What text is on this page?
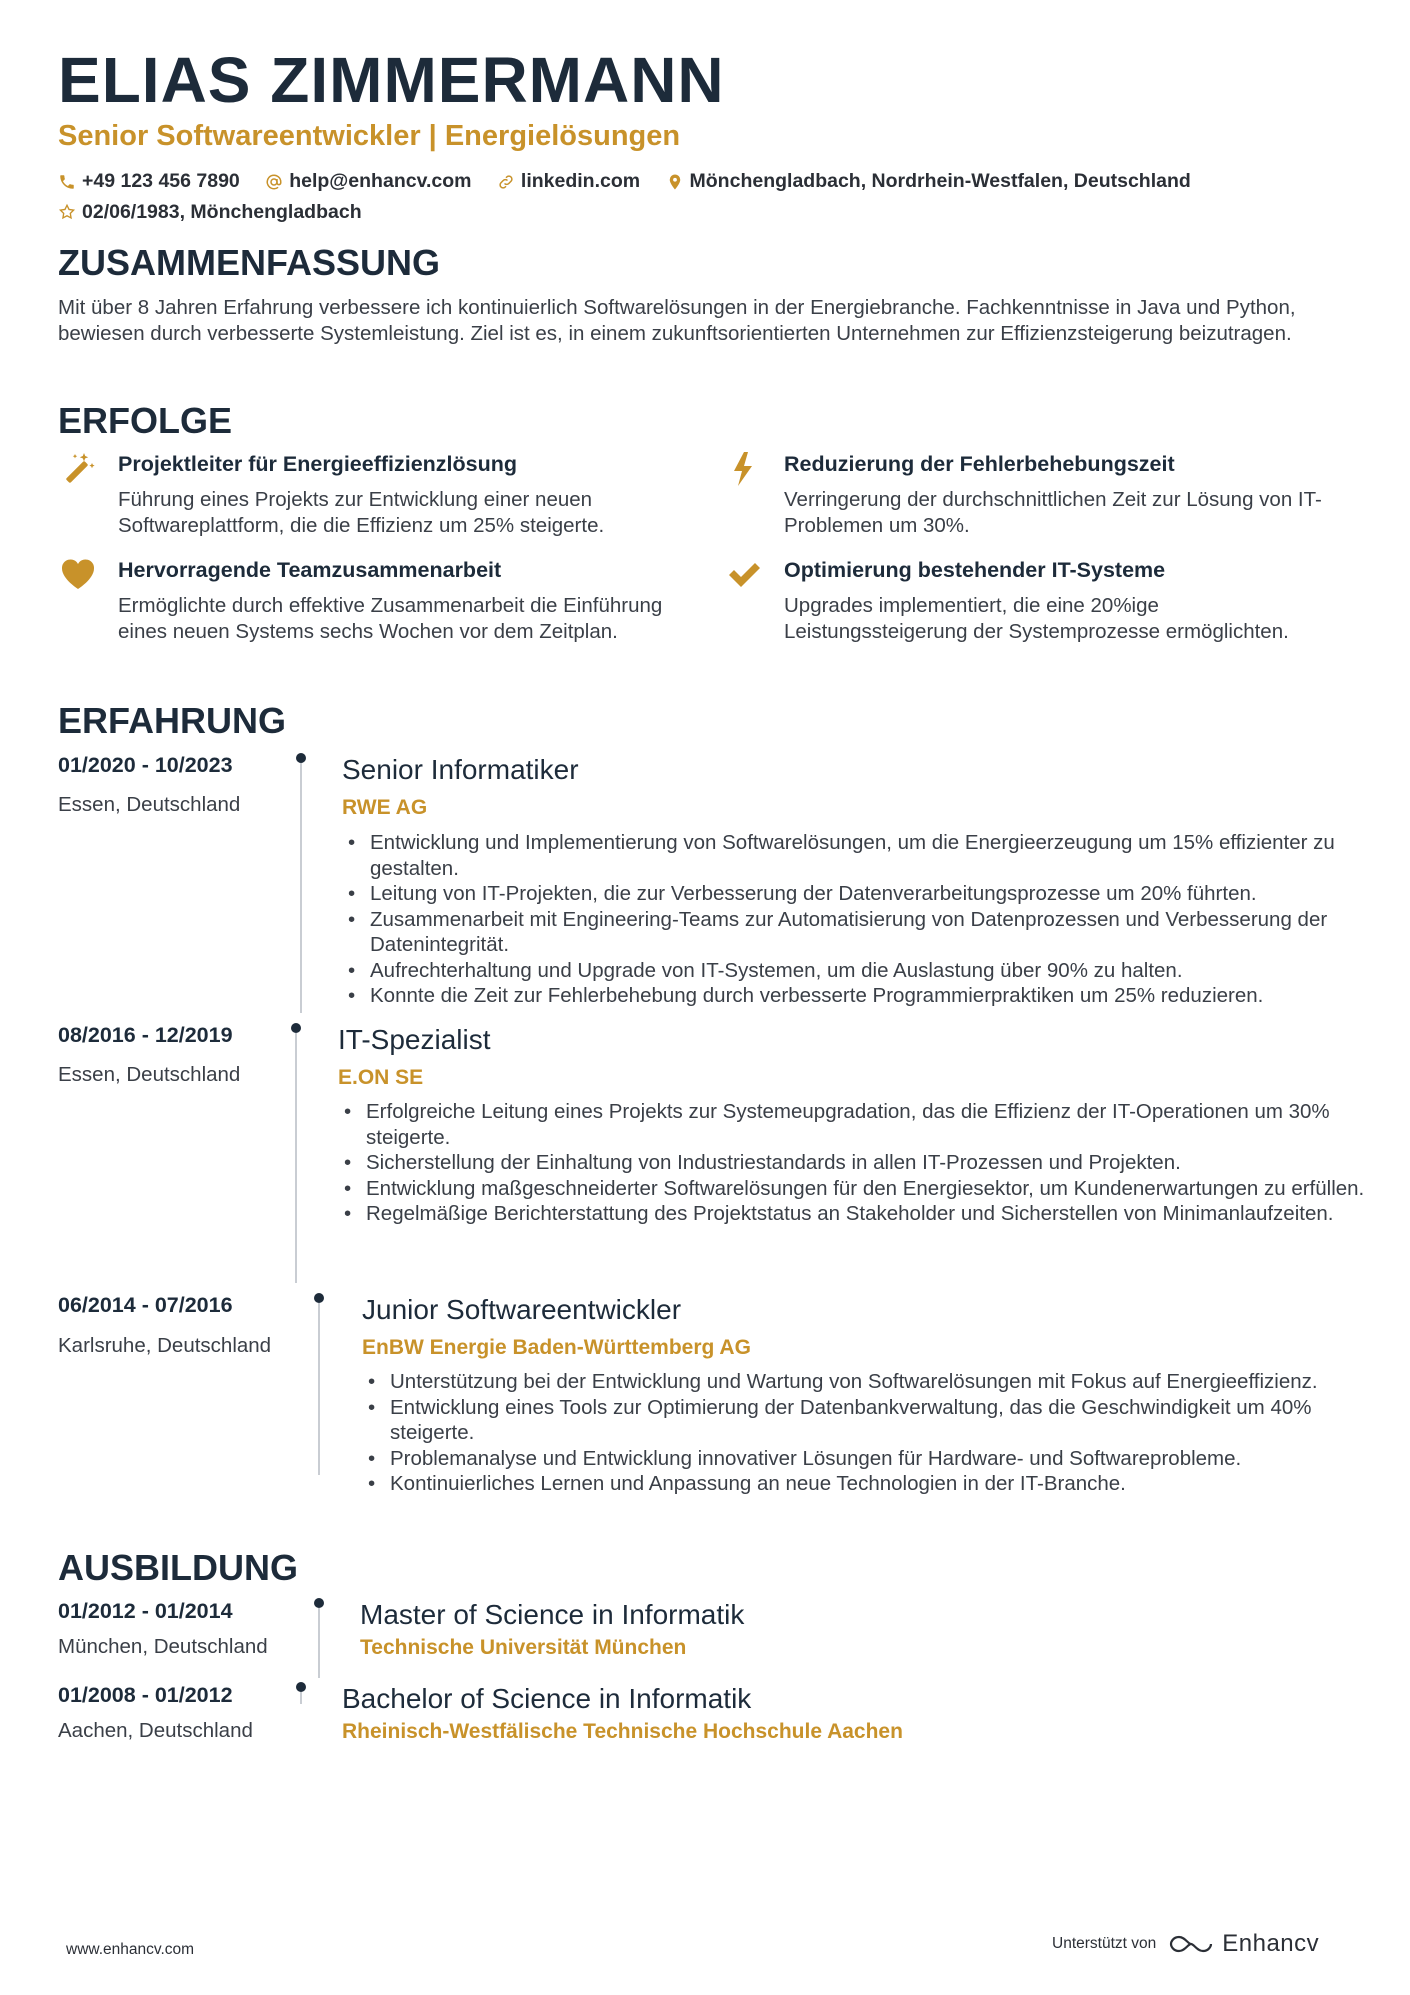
ELIAS ZIMMERMANN
Senior Softwareentwickler | Energielösungen
+49 123 456 7890
	help@enhancv.com
	linkedin.com
	Mönchengladbach, Nordrhein-Westfalen, Deutschland

02/06/1983, Mönchengladbach
ZUSAMMENFASSUNG
Mit über 8 Jahren Erfahrung verbessere ich kontinuierlich Softwarelösungen in der Energiebranche. Fachkenntnisse in Java und Python, bewiesen durch verbesserte Systemleistung. Ziel ist es, in einem zukunftsorientierten Unternehmen zur Effizienzsteigerung beizutragen.
ERFOLGE
Projektleiter für Energieeffizienzlösung
Führung eines Projekts zur Entwicklung einer neuen Softwareplattform, die die Effizienz um 25% steigerte.
Reduzierung der Fehlerbehebungszeit
Verringerung der durchschnittlichen Zeit zur Lösung von IT-Problemen um 30%.
Hervorragende Teamzusammenarbeit
Ermöglichte durch effektive Zusammenarbeit die Einführung eines neuen Systems sechs Wochen vor dem Zeitplan.
Optimierung bestehender IT-Systeme
Upgrades implementiert, die eine 20%ige Leistungssteigerung der Systemprozesse ermöglichten.
ERFAHRUNG
01/2020 - 10/2023
Essen, Deutschland
Senior Informatiker
RWE AG
• Entwicklung und Implementierung von Softwarelösungen, um die Energieerzeugung um 15% effizienter zu gestalten.
• Leitung von IT-Projekten, die zur Verbesserung der Datenverarbeitungsprozesse um 20% führten.
• Zusammenarbeit mit Engineering-Teams zur Automatisierung von Datenprozessen und Verbesserung der Datenintegrität.
• Aufrechterhaltung und Upgrade von IT-Systemen, um die Auslastung über 90% zu halten.
• Konnte die Zeit zur Fehlerbehebung durch verbesserte Programmierpraktiken um 25% reduzieren.
08/2016 - 12/2019
Essen, Deutschland
IT-Spezialist
E.ON SE
• Erfolgreiche Leitung eines Projekts zur Systemeupgradation, das die Effizienz der IT-Operationen um 30% steigerte.
• Sicherstellung der Einhaltung von Industriestandards in allen IT-Prozessen und Projekten.
• Entwicklung maßgeschneiderter Softwarelösungen für den Energiesektor, um Kundenerwartungen zu erfüllen.
• Regelmäßige Berichterstattung des Projektstatus an Stakeholder und Sicherstellen von Minimanlaufzeiten.
06/2014 - 07/2016
Karlsruhe, Deutschland
Junior Softwareentwickler
EnBW Energie Baden-Württemberg AG
• Unterstützung bei der Entwicklung und Wartung von Softwarelösungen mit Fokus auf Energieeffizienz.
• Entwicklung eines Tools zur Optimierung der Datenbankverwaltung, das die Geschwindigkeit um 40% steigerte.
• Problemanalyse und Entwicklung innovativer Lösungen für Hardware- und Softwareprobleme.
• Kontinuierliches Lernen und Anpassung an neue Technologien in der IT-Branche.
AUSBILDUNG
01/2012 - 01/2014
München, Deutschland
Master of Science in Informatik
Technische Universität München
01/2008 - 01/2012
Aachen, Deutschland
Bachelor of Science in Informatik
Rheinisch-Westfälische Technische Hochschule Aachen
www.enhancv.com	Unterstützt von	Enhancv
